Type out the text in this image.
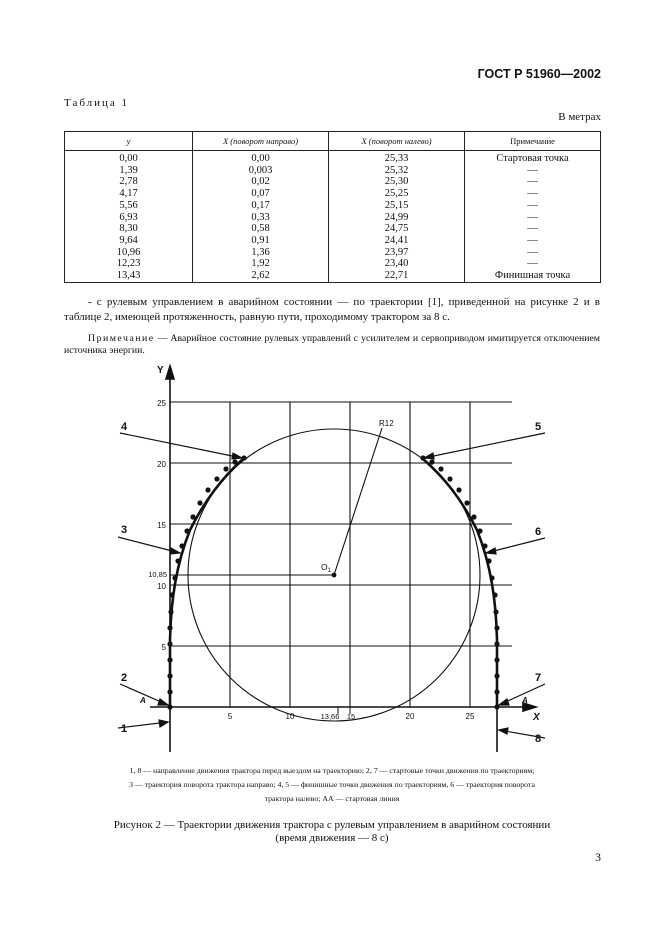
ГОСТ Р 51960—2002
Таблица 1
В метрах
y	X (поворот направо)	X (поворот налево)	Примечание
0,00	0,00	25,33	Стартовая точка
1,39	0,003	25,32	—
2,78	0,02	25,30	—
4,17	0,07	25,25	—
5,56	0,17	25,15	—
6,93	0,33	24,99	—
8,30	0,58	24,75	—
9,64	0,91	24,41	—
10,96	1,36	23,97	—
12,23	1,92	23,40	—
13,43	2,62	22,71	Финишная точка
- с рулевым управлением в аварийном состоянии — по траектории [1], приведенной на рисунке 2 и в таблице 2, имеющей протяженность, равную пути, проходимому трактором за 8 с.
Примечание — Аварийное состояние рулевых управлений с усилителем и сервоприводом имитируется отключением источника энергии.
Y
X
5
10
15
20
25
10,85
5	10	13,66 15	20	25
R12
$O_1$
A	A
1
2
3
4	5
6
7
8
1, 8 — направление движения трактора перед выездом на траекторию; 2, 7 — стартовые точки движения по траекториям;
3 — траектория поворота трактора направо; 4, 5 — финишные точки движения по траекториям, 6 — траектория поворота
трактора налево; АА — стартовая линия
Рисунок 2 — Траектории движения трактора с рулевым управлением в аварийном состоянии
(время движения — 8 с)
3
